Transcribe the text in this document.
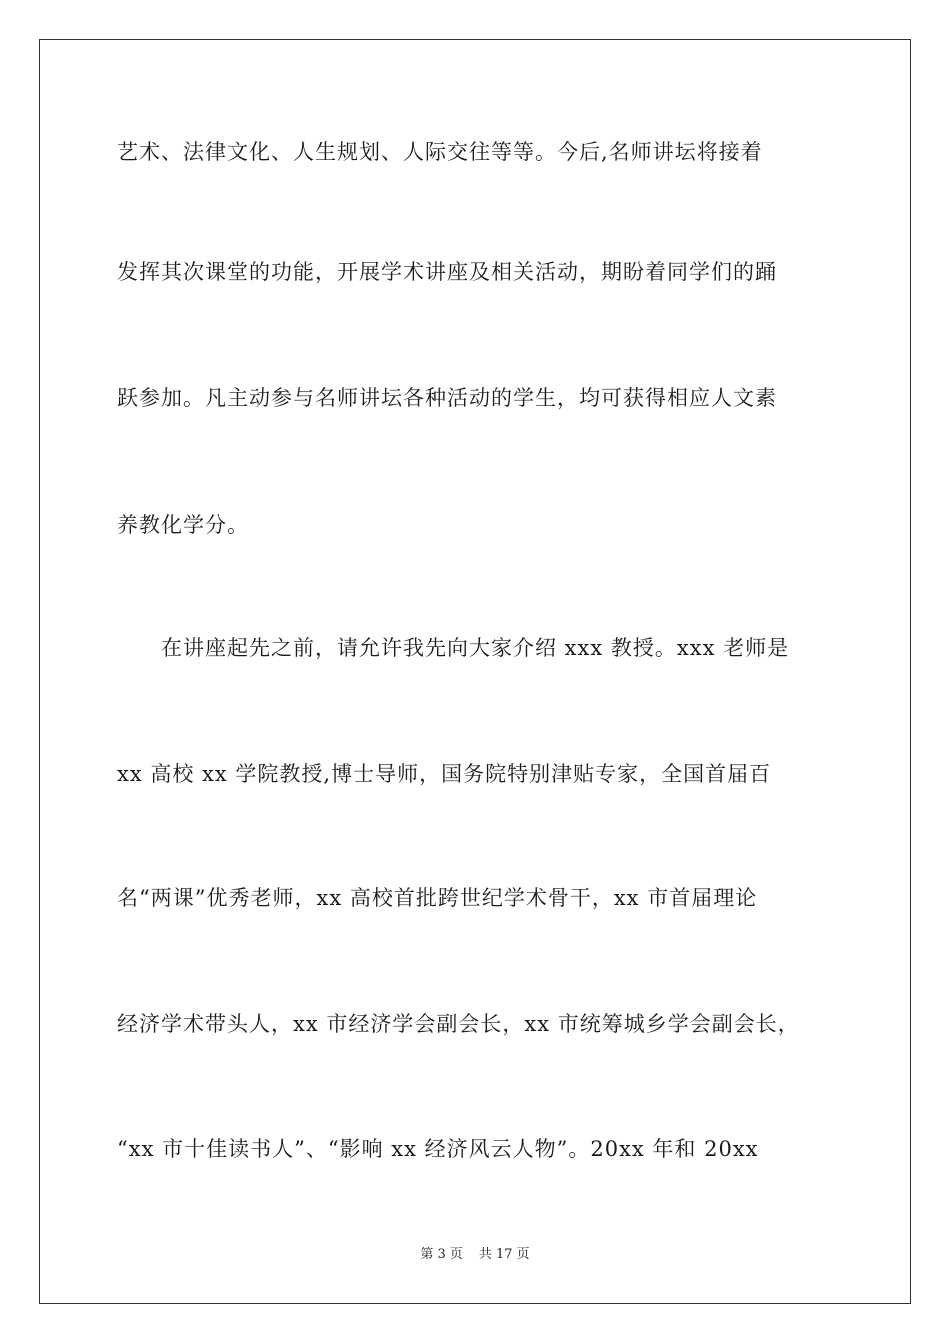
艺术、法律文化、人生规划、人际交往等等。今后,名师讲坛将接着
发挥其次课堂的功能，开展学术讲座及相关活动，期盼着同学们的踊
跃参加。凡主动参与名师讲坛各种活动的学生，均可获得相应人文素
养教化学分。
　　在讲座起先之前，请允许我先向大家介绍 xxx 教授。xxx 老师是
xx 高校 xx 学院教授,博士导师，国务院特别津贴专家，全国首届百
名“两课”优秀老师，xx 高校首批跨世纪学术骨干，xx 市首届理论
经济学术带头人，xx 市经济学会副会长，xx 市统筹城乡学会副会长，
“xx 市十佳读书人”、“影响 xx 经济风云人物”。20xx 年和 20xx
第 3 页 共 17 页
